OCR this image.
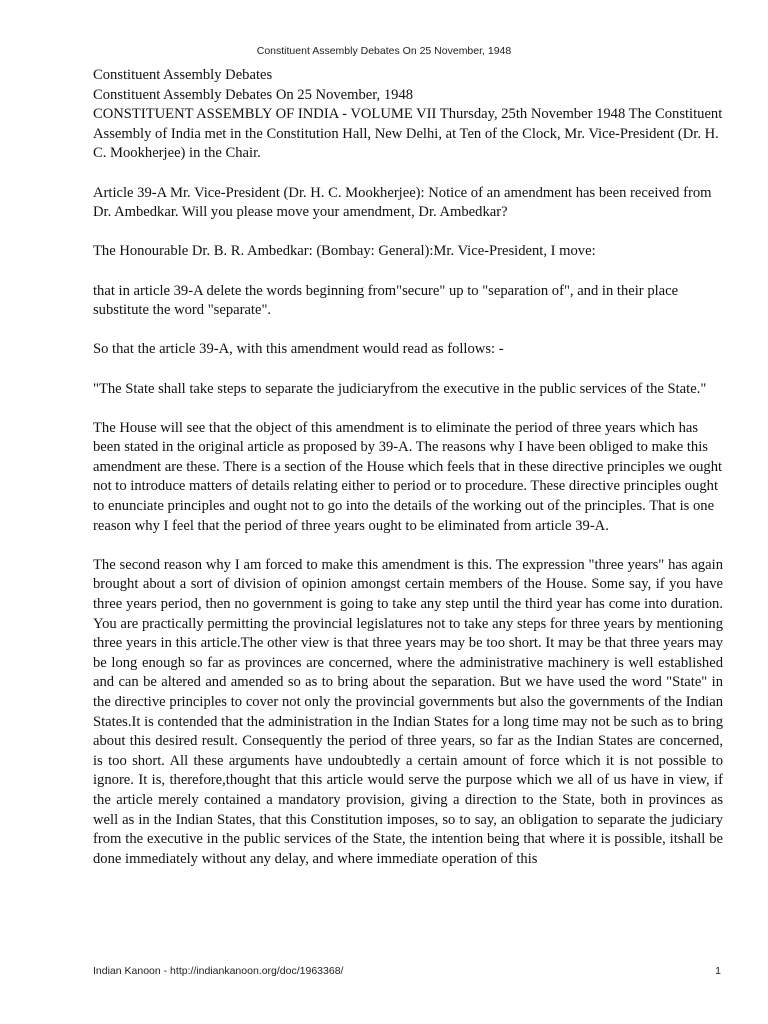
Constituent Assembly Debates On 25 November, 1948

Constituent Assembly Debates

Constituent Assembly Debates On 25 November, 1948

CONSTITUENT ASSEMBLY OF INDIA - VOLUME VII Thursday, 25th November 1948 The Constituent Assembly of India met in the Constitution Hall, New Delhi, at Ten of the Clock, Mr. Vice-President (Dr. H. C. Mookherjee) in the Chair.

Article 39-A Mr. Vice-President (Dr. H. C. Mookherjee): Notice of an amendment has been received from Dr. Ambedkar. Will you please move your amendment, Dr. Ambedkar?

The Honourable Dr. B. R. Ambedkar: (Bombay: General):Mr. Vice-President, I move:

that in article 39-A delete the words beginning from"secure" up to "separation of", and in their place substitute the word "separate".

So that the article 39-A, with this amendment would read as follows: -

"The State shall take steps to separate the judiciaryfrom the executive in the public services of the State."

The House will see that the object of this amendment is to eliminate the period of three years which has been stated in the original article as proposed by 39-A. The reasons why I have been obliged to make this amendment are these. There is a section of the House which feels that in these directive principles we ought not to introduce matters of details relating either to period or to procedure. These directive principles ought to enunciate principles and ought not to go into the details of the working out of the principles. That is one reason why I feel that the period of three years ought to be eliminated from article 39-A.

The second reason why I am forced to make this amendment is this. The expression "three years" has again brought about a sort of division of opinion amongst certain members of the House. Some say, if you have three years period, then no government is going to take any step until the third year has come into duration. You are practically permitting the provincial legislatures not to take any steps for three years by mentioning three years in this article.The other view is that three years may be too short. It may be that three years may be long enough so far as provinces are concerned, where the administrative machinery is well established and can be altered and amended so as to bring about the separation. But we have used the word "State" in the directive principles to cover not only the provincial governments but also the governments of the Indian States.It is contended that the administration in the Indian States for a long time may not be such as to bring about this desired result. Consequently the period of three years, so far as the Indian States are concerned, is too short. All these arguments have undoubtedly a certain amount of force which it is not possible to ignore. It is, therefore,thought that this article would serve the purpose which we all of us have in view, if the article merely contained a mandatory provision, giving a direction to the State, both in provinces as well as in the Indian States, that this Constitution imposes, so to say, an obligation to separate the judiciary from the executive in the public services of the State, the intention being that where it is possible, itshall be done immediately without any delay, and where immediate operation of this

Indian Kanoon - http://indiankanoon.org/doc/1963368/	1
